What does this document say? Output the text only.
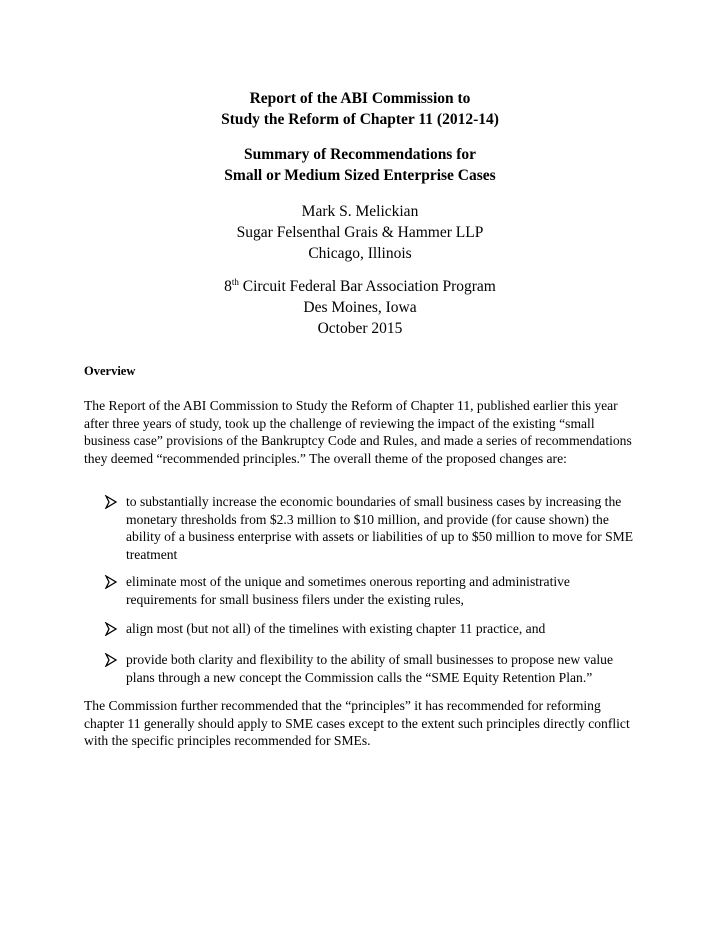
Report of the ABI Commission to
Study the Reform of Chapter 11 (2012-14)
Summary of Recommendations for
Small or Medium Sized Enterprise Cases
Mark S. Melickian
Sugar Felsenthal Grais & Hammer LLP
Chicago, Illinois
8th Circuit Federal Bar Association Program
Des Moines, Iowa
October 2015
Overview
The Report of the ABI Commission to Study the Reform of Chapter 11, published earlier this year after three years of study, took up the challenge of reviewing the impact of the existing “small business case” provisions of the Bankruptcy Code and Rules, and made a series of recommendations they deemed “recommended principles.” The overall theme of the proposed changes are:
to substantially increase the economic boundaries of small business cases by increasing the monetary thresholds from $2.3 million to $10 million, and provide (for cause shown) the ability of a business enterprise with assets or liabilities of up to $50 million to move for SME treatment
eliminate most of the unique and sometimes onerous reporting and administrative requirements for small business filers under the existing rules,
align most (but not all) of the timelines with existing chapter 11 practice, and
provide both clarity and flexibility to the ability of small businesses to propose new value plans through a new concept the Commission calls the “SME Equity Retention Plan.”
The Commission further recommended that the “principles” it has recommended for reforming chapter 11 generally should apply to SME cases except to the extent such principles directly conflict with the specific principles recommended for SMEs.
